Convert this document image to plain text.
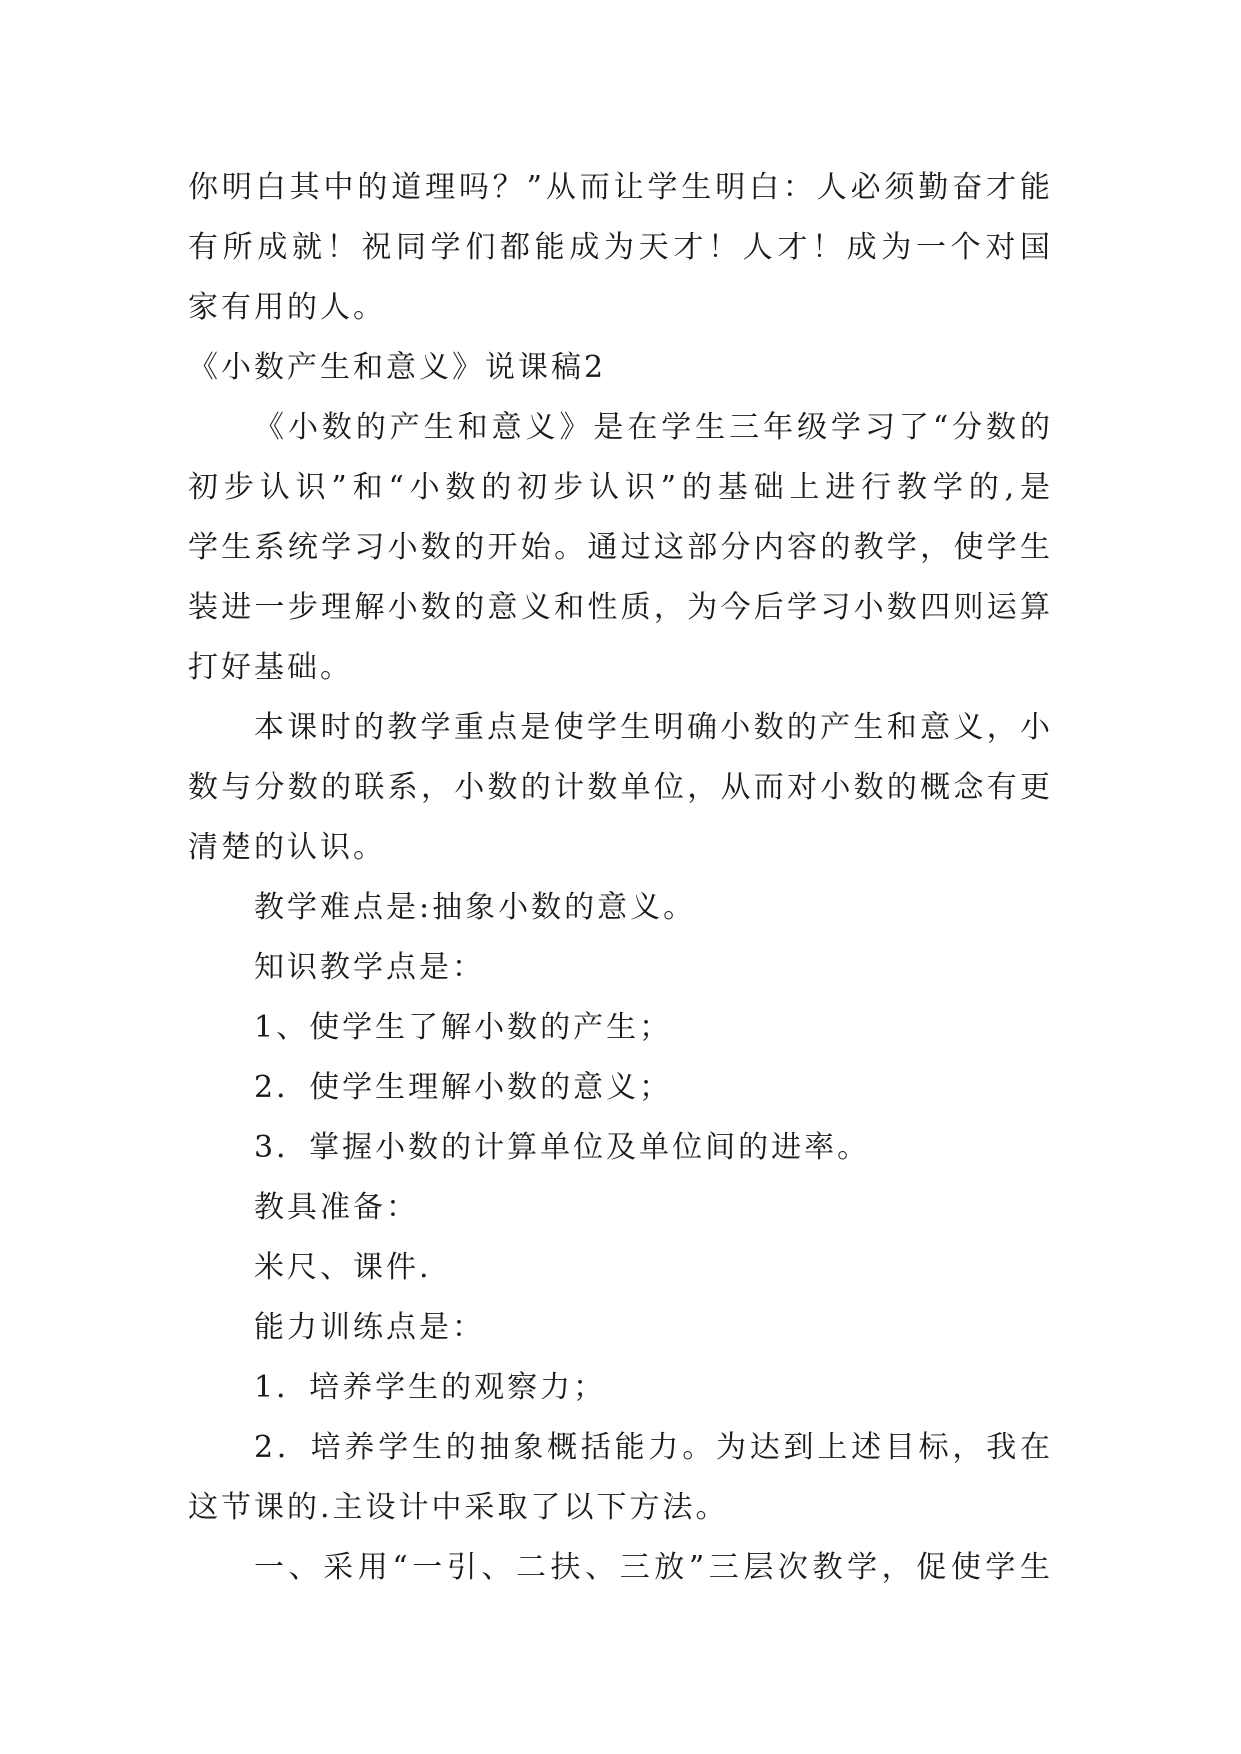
你明白其中的道理吗？”从而让学生明白：人必须勤奋才能
有所成就！祝同学们都能成为天才！人才！成为一个对国
家有用的人。
《小数产生和意义》说课稿2
《小数的产生和意义》是在学生三年级学习了“分数的
初步认识”和“小数的初步认识”的基础上进行教学的,是
学生系统学习小数的开始。通过这部分内容的教学，使学生
装进一步理解小数的意义和性质，为今后学习小数四则运算
打好基础。
本课时的教学重点是使学生明确小数的产生和意义，小
数与分数的联系，小数的计数单位，从而对小数的概念有更
清楚的认识。
教学难点是:抽象小数的意义。
知识教学点是：
1、使学生了解小数的产生；
2．使学生理解小数的意义；
3．掌握小数的计算单位及单位间的进率。
教具准备：
米尺、课件.
能力训练点是：
1．培养学生的观察力；
2．培养学生的抽象概括能力。为达到上述目标，我在
这节课的.主设计中采取了以下方法。
一、采用“一引、二扶、三放”三层次教学，促使学生
